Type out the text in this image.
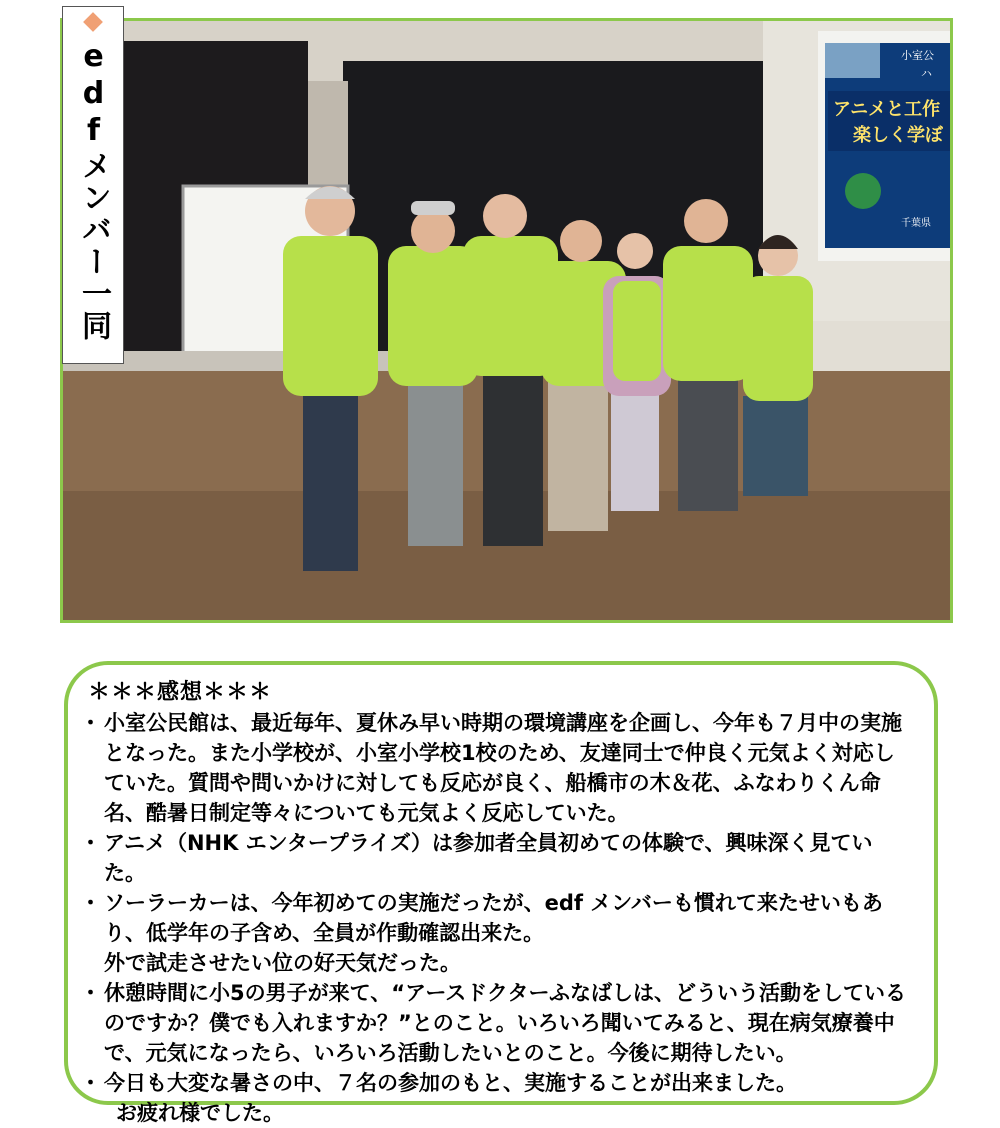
小室公
ハ
アニメと工作
楽しく学ぼ
千葉県
edfメンバー一同
＊＊＊感想＊＊＊
・ 小室公民館は、最近毎年、夏休み早い時期の環境講座を企画し、今年も７月中の実施となった。また小学校が、小室小学校1校のため、友達同士で仲良く元気よく対応していた。質問や問いかけに対しても反応が良く、船橋市の木＆花、ふなわりくん命名、酷暑日制定等々についても元気よく反応していた。
・ アニメ（NHK エンタープライズ）は参加者全員初めての体験で、興味深く見ていた。
・ ソーラーカーは、今年初めての実施だったが、edf メンバーも慣れて来たせいもあり、低学年の子含め、全員が作動確認出来た。
外で試走させたい位の好天気だった。
・ 休憩時間に小5の男子が来て、“アースドクターふなばしは、どういう活動をしているのですか？僕でも入れますか？”とのこと。いろいろ聞いてみると、現在病気療養中で、元気になったら、いろいろ活動したいとのこと。今後に期待したい。
・ 今日も大変な暑さの中、７名の参加のもと、実施することが出来ました。
お疲れ様でした。
